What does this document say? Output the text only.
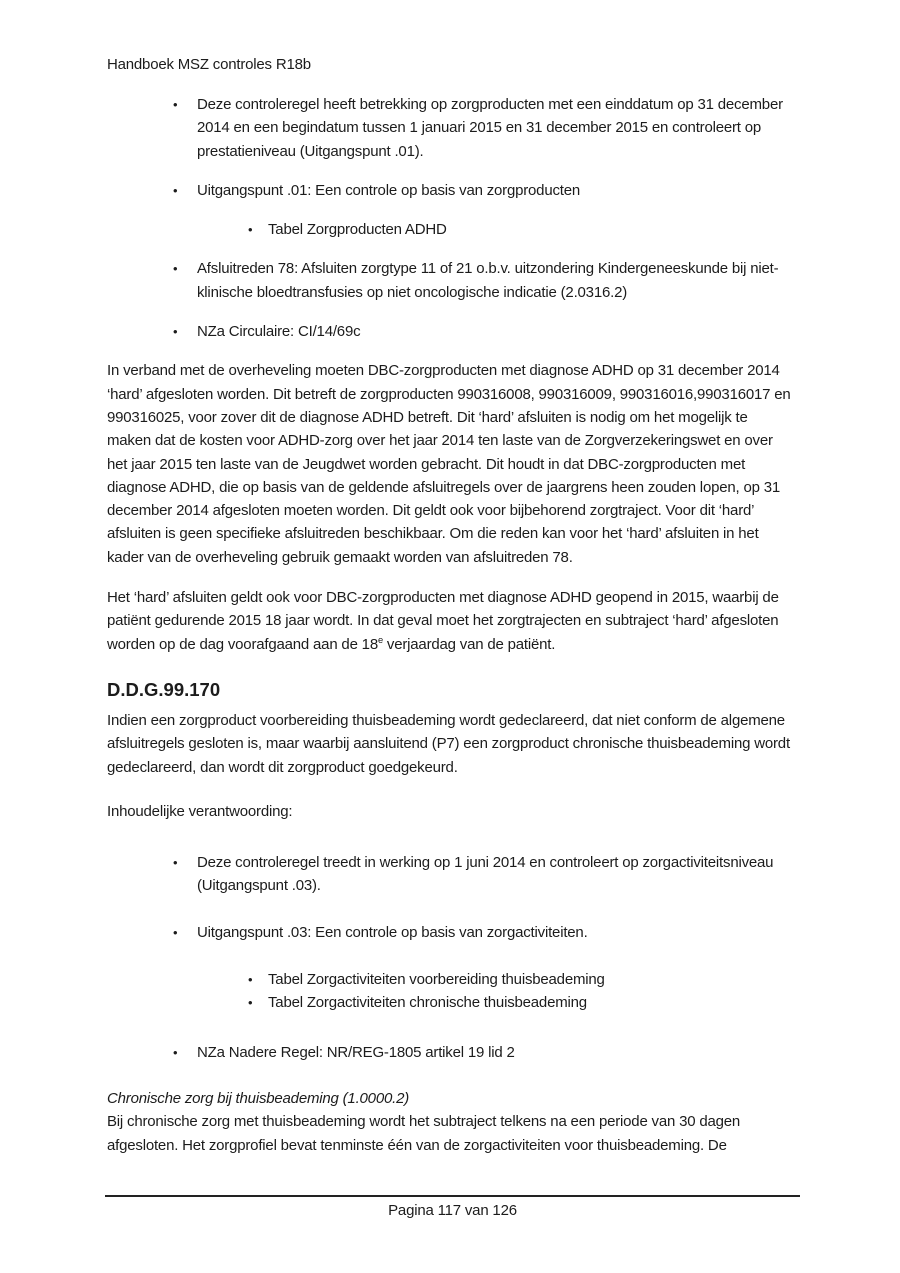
Handboek MSZ controles R18b
•	Deze controleregel heeft betrekking op zorgproducten met een einddatum op 31 december 2014 en een begindatum tussen 1 januari 2015 en 31 december 2015 en controleert op prestatieniveau (Uitgangspunt .01).
•	Uitgangspunt .01: Een controle op basis van zorgproducten
•	Tabel Zorgproducten ADHD
•	Afsluitreden 78: Afsluiten zorgtype 11 of 21 o.b.v. uitzondering Kindergeneeskunde bij niet-klinische bloedtransfusies op niet oncologische indicatie (2.0316.2)
•	NZa Circulaire: CI/14/69c

In verband met de overheveling moeten DBC-zorgproducten met diagnose ADHD op 31 december 2014 ‘hard’ afgesloten worden. Dit betreft de zorgproducten 990316008, 990316009, 990316016,990316017 en 990316025, voor zover dit de diagnose ADHD betreft. Dit ‘hard’ afsluiten is nodig om het mogelijk te maken dat de kosten voor ADHD-zorg over het jaar 2014 ten laste van de Zorgverzekeringswet en over het jaar 2015 ten laste van de Jeugdwet worden gebracht. Dit houdt in dat DBC-zorgproducten met diagnose ADHD, die op basis van de geldende afsluitregels over de jaargrens heen zouden lopen, op 31 december 2014 afgesloten moeten worden. Dit geldt ook voor bijbehorend zorgtraject. Voor dit ‘hard’ afsluiten is geen specifieke afsluitreden beschikbaar. Om die reden kan voor het ‘hard’ afsluiten in het kader van de overheveling gebruik gemaakt worden van afsluitreden 78.

Het ‘hard’ afsluiten geldt ook voor DBC-zorgproducten met diagnose ADHD geopend in 2015, waarbij de patiënt gedurende 2015 18 jaar wordt. In dat geval moet het zorgtrajecten en subtraject ‘hard’ afgesloten worden op de dag voorafgaand aan de 18e verjaardag van de patiënt.

D.D.G.99.170

Indien een zorgproduct voorbereiding thuisbeademing wordt gedeclareerd, dat niet conform de algemene afsluitregels gesloten is, maar waarbij aansluitend (P7) een zorgproduct chronische thuisbeademing wordt gedeclareerd, dan wordt dit zorgproduct goedgekeurd.

Inhoudelijke verantwoording:
•	Deze controleregel treedt in werking op 1 juni 2014 en controleert op zorgactiviteitsniveau (Uitgangspunt .03).
•	Uitgangspunt .03: Een controle op basis van zorgactiviteiten.
•	Tabel Zorgactiviteiten voorbereiding thuisbeademing
•	Tabel Zorgactiviteiten chronische thuisbeademing
•	NZa Nadere Regel: NR/REG-1805 artikel 19 lid 2
Chronische zorg bij thuisbeademing (1.0000.2)

Bij chronische zorg met thuisbeademing wordt het subtraject telkens na een periode van 30 dagen afgesloten. Het zorgprofiel bevat tenminste één van de zorgactiviteiten voor thuisbeademing. De

Pagina 117 van 126
